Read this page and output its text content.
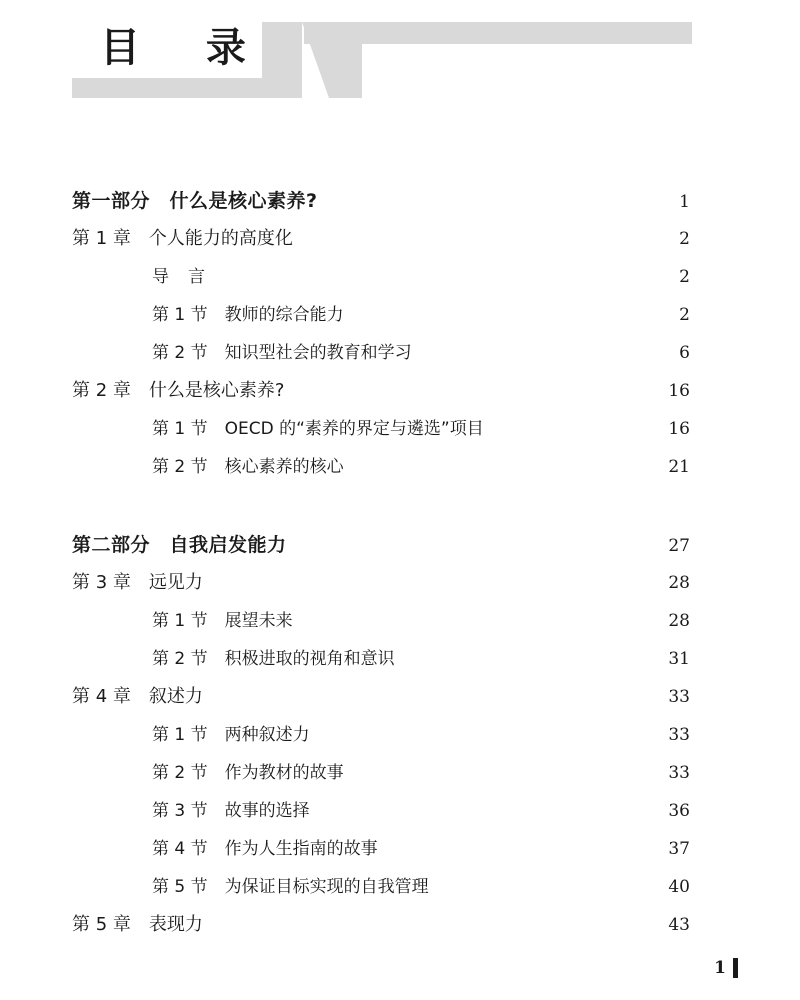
目 录
第一部分　什么是核心素养?	1
第 1 章　个人能力的高度化	2
导　言	2
第 1 节　教师的综合能力	2
第 2 节　知识型社会的教育和学习	6
第 2 章　什么是核心素养?	16
第 1 节　OECD 的“素养的界定与遴选”项目	16
第 2 节　核心素养的核心	21
第二部分　自我启发能力	27
第 3 章　远见力	28
第 1 节　展望未来	28
第 2 节　积极进取的视角和意识	31
第 4 章　叙述力	33
第 1 节　两种叙述力	33
第 2 节　作为教材的故事	33
第 3 节　故事的选择	36
第 4 节　作为人生指南的故事	37
第 5 节　为保证目标实现的自我管理	40
第 5 章　表现力	43
1
